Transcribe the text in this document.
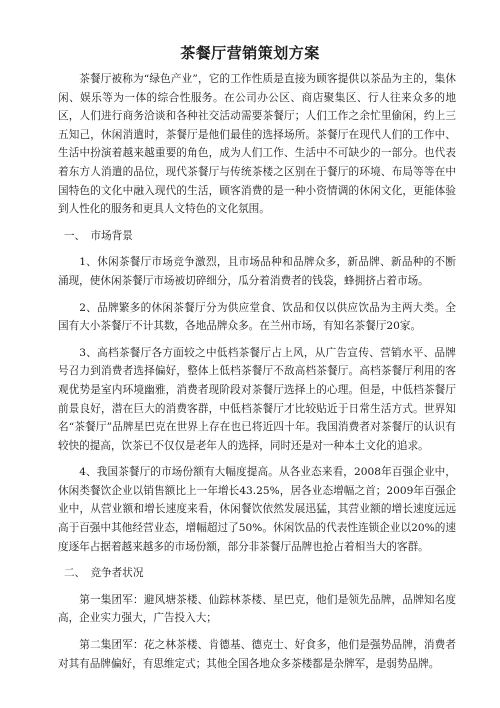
茶餐厅营销策划方案

茶餐厅被称为“绿色产业”，它的工作性质是直接为顾客提供以茶品为主的，集休闲、娱乐等为一体的综合性服务。在公司办公区、商店聚集区、行人往来众多的地区，人们进行商务洽谈和各种社交活动需要茶餐厅；人们工作之余忙里偷闲，约上三五知己，休闲消遣时，茶餐厅是他们最佳的选择场所。茶餐厅在现代人们的工作中、生活中扮演着越来越重要的角色，成为人们工作、生活中不可缺少的一部分。也代表着东方人消遣的品位，现代茶餐厅与传统茶楼之区别在于餐厅的环境、布局等等在中国特色的文化中融入现代的生活，顾客消费的是一种小资情调的休闲文化，更能体验到人性化的服务和更具人文特色的文化氛围。

一、　市场背景

1、休闲茶餐厅市场竞争激烈，且市场品种和品牌众多，新品牌、新品种的不断涌现，使休闲茶餐厅市场被切碎细分，瓜分着消费者的钱袋，蜂拥挤占着市场。

2、品牌繁多的休闲茶餐厅分为供应堂食、饮品和仅以供应饮品为主两大类。全国有大小茶餐厅不计其数，各地品牌众多。在兰州市场，有知名茶餐厅20家。

3、高档茶餐厅各方面较之中低档茶餐厅占上风，从广告宣传、营销水平、品牌号召力到消费者选择偏好，整体上低档茶餐厅不敌高档茶餐厅。高档茶餐厅利用的客观优势是室内环境幽雅，消费者现阶段对茶餐厅选择上的心理。但是，中低档茶餐厅前景良好，潜在巨大的消费客群，中低档茶餐厅才比较贴近于日常生活方式。世界知名“茶餐厅”品牌星巴克在世界上存在也已将近四十年。我国消费者对茶餐厅的认识有较快的提高，饮茶已不仅仅是老年人的选择，同时还是对一种本土文化的追求。

4、我国茶餐厅的市场份额有大幅度提高。从各业态来看，2008年百强企业中，休闲类餐饮企业以销售额比上一年增长43.25%，居各业态增幅之首；2009年百强企业中，从营业额和增长速度来看，休闲餐饮依然发展迅猛，其营业额的增长速度远远高于百强中其他经营业态，增幅超过了50%。休闲饮品的代表性连锁企业以20%的速度逐年占据着越来越多的市场份额，部分非茶餐厅品牌也抢占着相当大的客群。

二、　竞争者状况

第一集团军：避风塘茶楼、仙踪林茶楼、星巴克，他们是领先品牌，品牌知名度高，企业实力强大，广告投入大；

第二集团军：花之林茶楼、肯德基、德克士、好食多，他们是强势品牌，消费者对其有品牌偏好，有思维定式；其他全国各地众多茶楼都是杂牌军，是弱势品牌。
